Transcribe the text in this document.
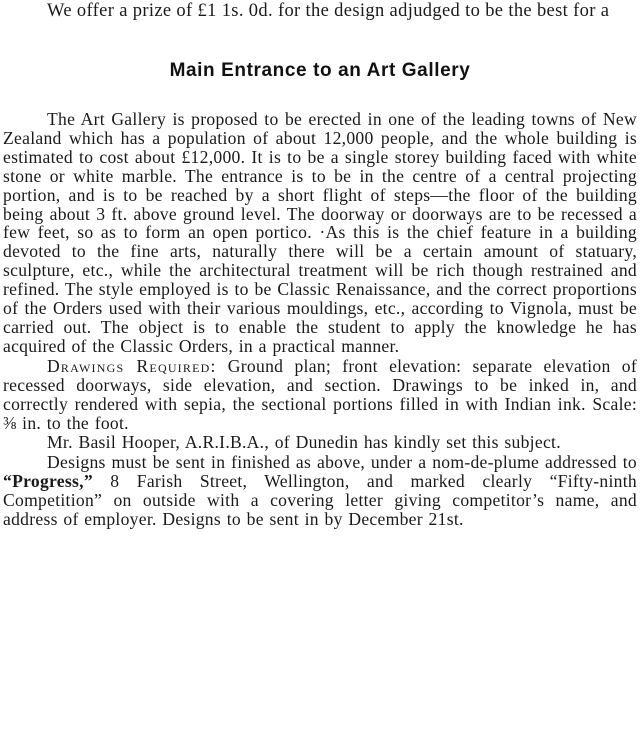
We offer a prize of £1 1s. 0d. for the design adjudged to be the best for a

Main Entrance to an Art Gallery

The Art Gallery is proposed to be erected in one of the leading towns of New Zealand which has a population of about 12,000 people, and the whole building is estimated to cost about £12,000. It is to be a single storey building faced with white stone or white marble. The entrance is to be in the centre of a central projecting portion, and is to be reached by a short flight of steps—the floor of the building being about 3 ft. above ground level. The doorway or doorways are to be recessed a few feet, so as to form an open portico. ·As this is the chief feature in a building devoted to the fine arts, naturally there will be a certain amount of statuary, sculpture, etc., while the architectural treatment will be rich though restrained and refined. The style employed is to be Classic Renaissance, and the correct proportions of the Orders used with their various mouldings, etc., according to Vignola, must be carried out. The object is to enable the student to apply the knowledge he has acquired of the Classic Orders, in a practical manner.

Drawings Required: Ground plan; front elevation: separate elevation of recessed doorways, side elevation, and section. Drawings to be inked in, and correctly rendered with sepia, the sectional portions filled in with Indian ink. Scale: ⅜ in. to the foot.

Mr. Basil Hooper, A.R.I.B.A., of Dunedin has kindly set this subject.

Designs must be sent in finished as above, under a nom-de-plume addressed to “Progress,” 8 Farish Street, Wellington, and marked clearly “Fifty-ninth Competition” on outside with a covering letter giving competitor’s name, and address of employer. Designs to be sent in by December 21st.
